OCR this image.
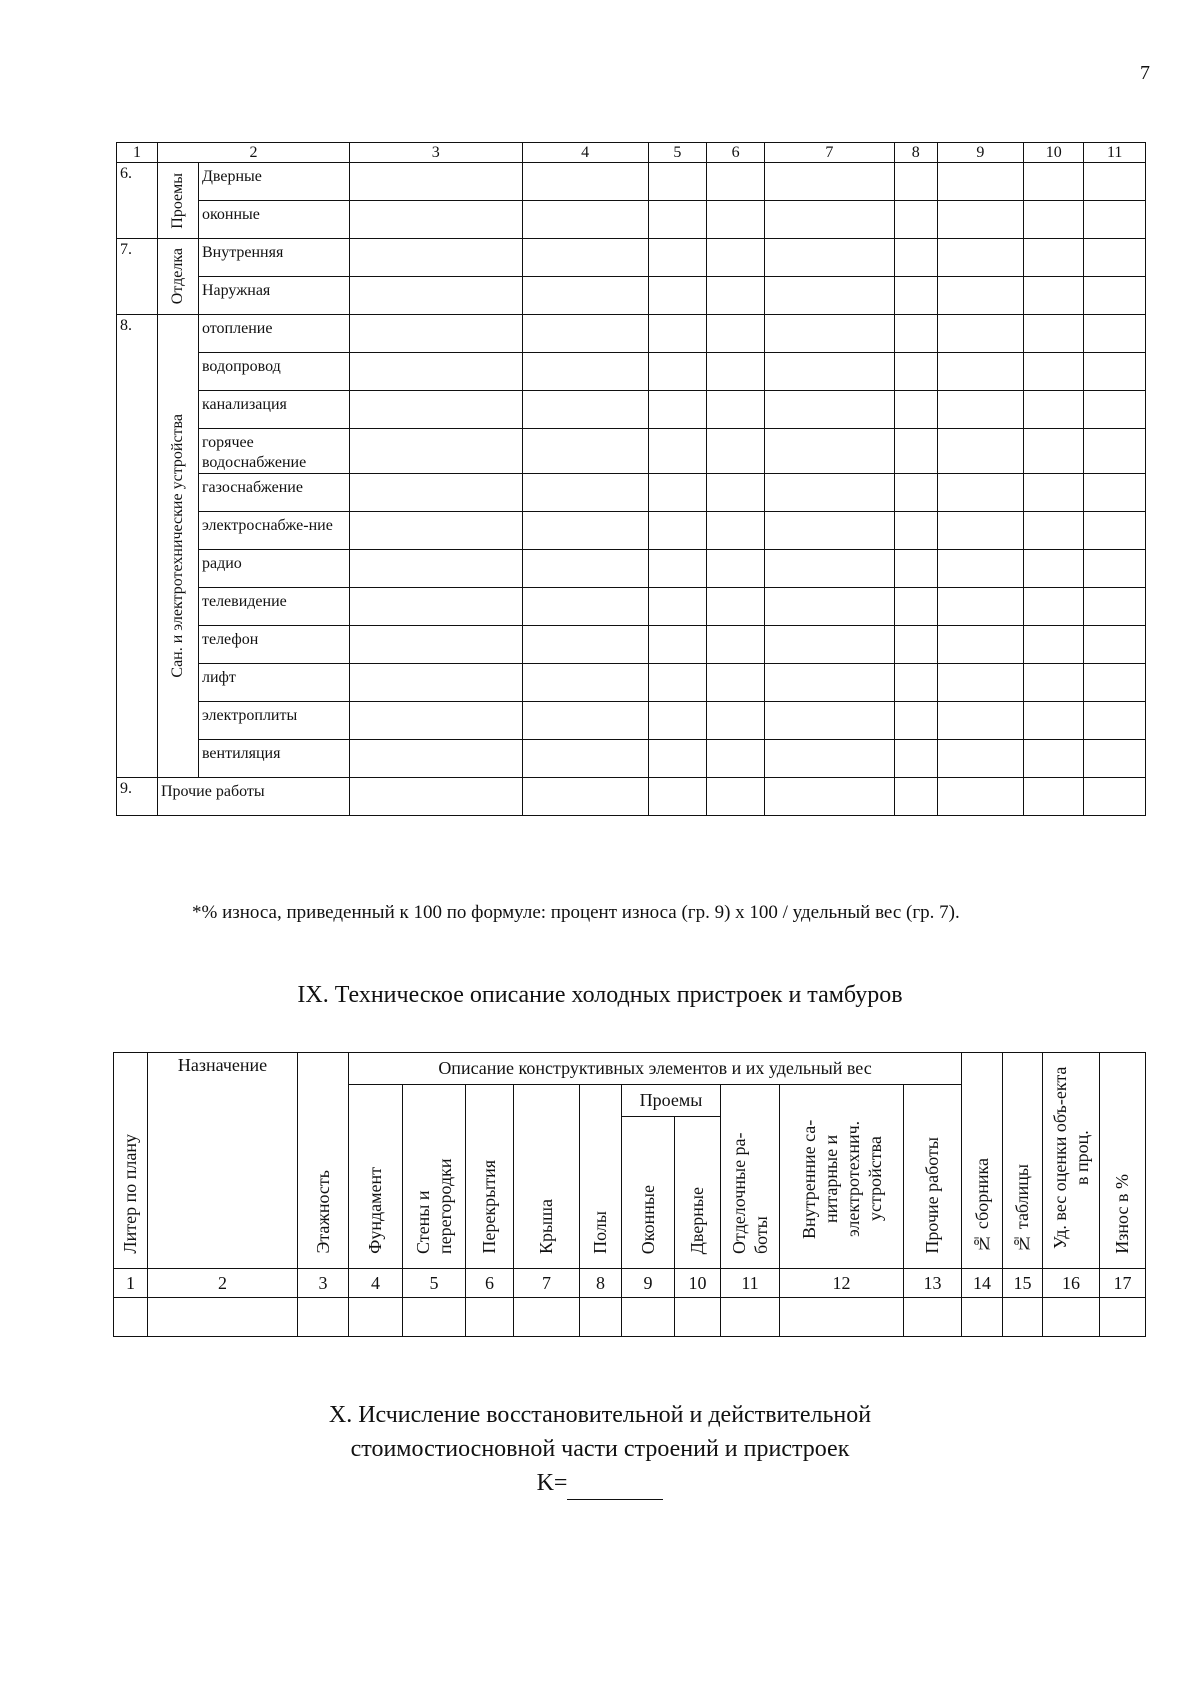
7
1	2		3	4	5	6	7	8	9	10	11
6.	Проемы	Дверные									
		оконные									
7.	Отделка	Внутренняя									
		Наружная									
8.	Сан. и электротехнические устройства	отопление									
		водопровод									
		канализация									
		горячее водоснабжение									
		газоснабжение									
		электроснабже-ние									
		радио									
		телевидение									
		телефон									
		лифт									
		электроплиты									
		вентиляция									
9.	Прочие работы										
*% износа, приведенный к 100 по формуле: процент износа (гр. 9) х 100 / удельный вес (гр. 7).
IX. Техническое описание холодных пристроек и тамбуров
Литер по плану	Назначение	Этажность	Описание конструктивных элементов и их удельный вес										№ сборника	№ таблицы	Уд. вес оценки объ-екта в проц.	Износ в %

			Фундамент	Стены и перегородки	Перекрытия	Крыша	Полы	Проемы		Отделочные ра-боты	Внутренние са-нитарные и электротехнич. устройства	Прочие работы				

								Оконные	Дверные							

1	2	3	4	5	6	7	8	9	10	11	12	13	14	15	16	17

X. Исчисление восстановительной и действительной
стоимостиосновной части строений и пристроек
K=
